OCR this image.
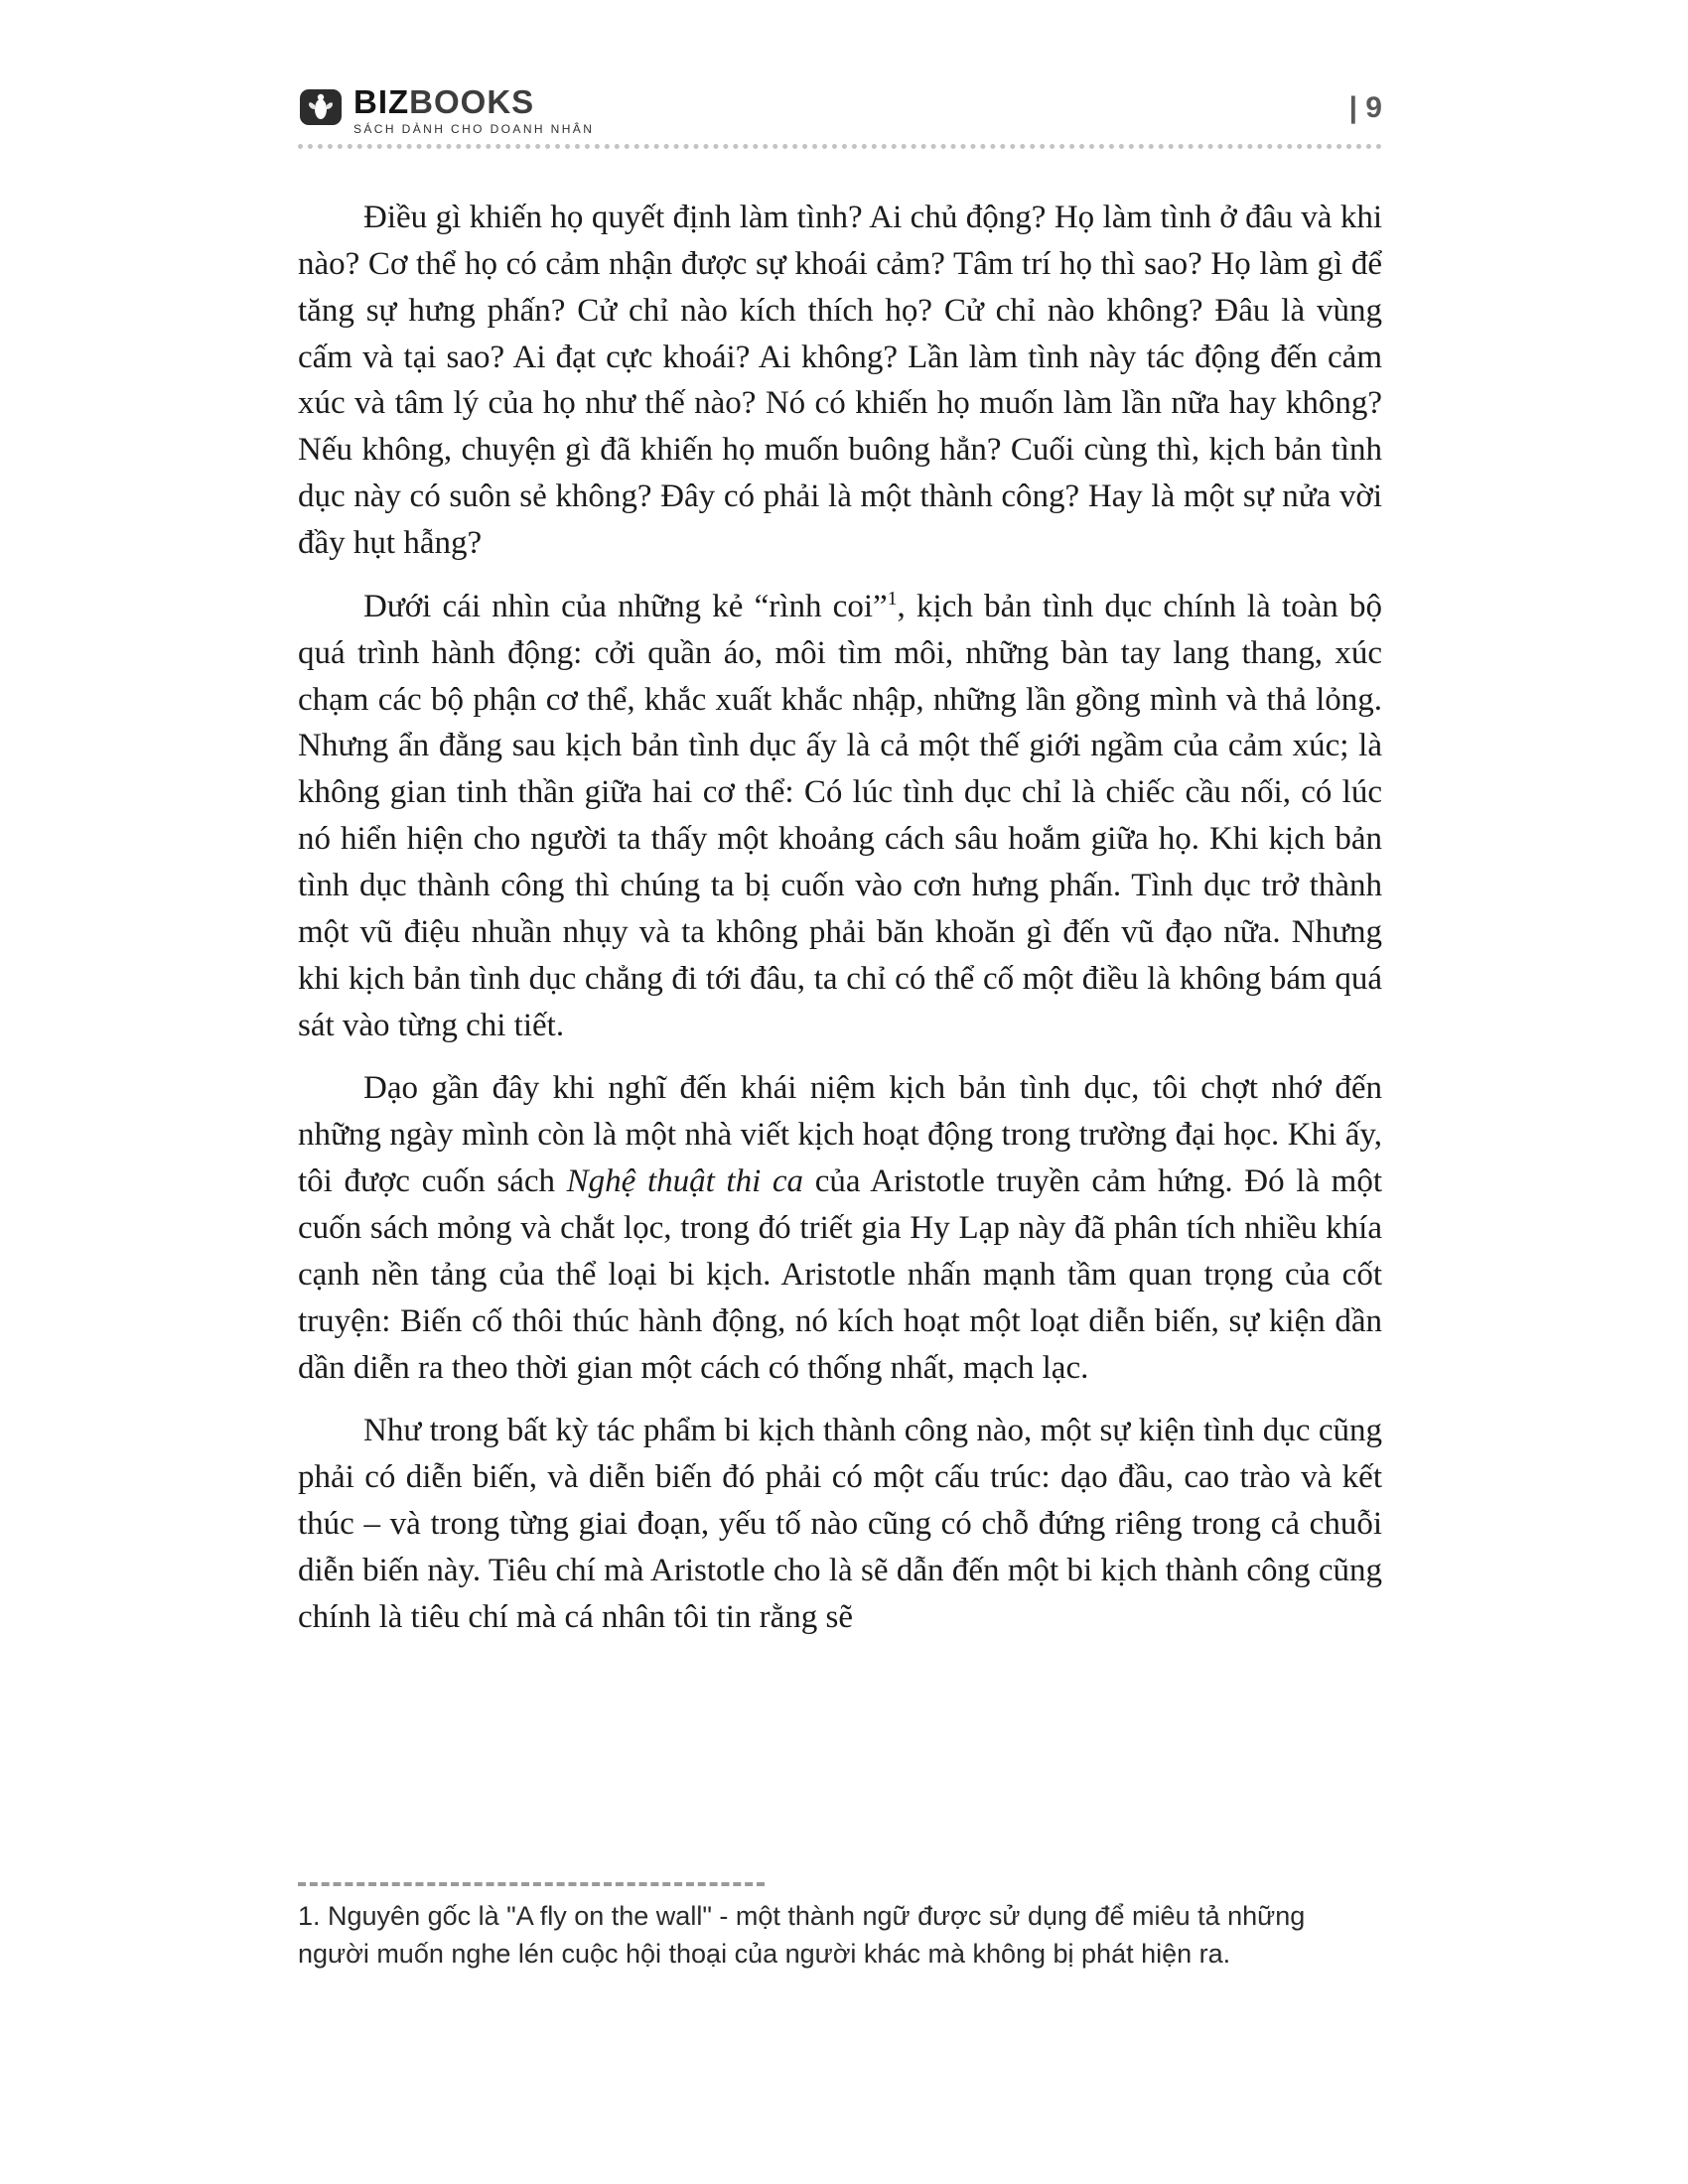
BIZBOOKS
SÁCH DÀNH CHO DOANH NHÂN
| 9

Điều gì khiến họ quyết định làm tình? Ai chủ động? Họ làm tình ở đâu và khi nào? Cơ thể họ có cảm nhận được sự khoái cảm? Tâm trí họ thì sao? Họ làm gì để tăng sự hưng phấn? Cử chỉ nào kích thích họ? Cử chỉ nào không? Đâu là vùng cấm và tại sao? Ai đạt cực khoái? Ai không? Lần làm tình này tác động đến cảm xúc và tâm lý của họ như thế nào? Nó có khiến họ muốn làm lần nữa hay không? Nếu không, chuyện gì đã khiến họ muốn buông hẳn? Cuối cùng thì, kịch bản tình dục này có suôn sẻ không? Đây có phải là một thành công? Hay là một sự nửa vời đầy hụt hẫng?

Dưới cái nhìn của những kẻ “rình coi”$^1$, kịch bản tình dục chính là toàn bộ quá trình hành động: cởi quần áo, môi tìm môi, những bàn tay lang thang, xúc chạm các bộ phận cơ thể, khắc xuất khắc nhập, những lần gồng mình và thả lỏng. Nhưng ẩn đằng sau kịch bản tình dục ấy là cả một thế giới ngầm của cảm xúc; là không gian tinh thần giữa hai cơ thể: Có lúc tình dục chỉ là chiếc cầu nối, có lúc nó hiển hiện cho người ta thấy một khoảng cách sâu hoắm giữa họ. Khi kịch bản tình dục thành công thì chúng ta bị cuốn vào cơn hưng phấn. Tình dục trở thành một vũ điệu nhuần nhụy và ta không phải băn khoăn gì đến vũ đạo nữa. Nhưng khi kịch bản tình dục chẳng đi tới đâu, ta chỉ có thể cố một điều là không bám quá sát vào từng chi tiết.

Dạo gần đây khi nghĩ đến khái niệm kịch bản tình dục, tôi chợt nhớ đến những ngày mình còn là một nhà viết kịch hoạt động trong trường đại học. Khi ấy, tôi được cuốn sách Nghệ thuật thi ca của Aristotle truyền cảm hứng. Đó là một cuốn sách mỏng và chắt lọc, trong đó triết gia Hy Lạp này đã phân tích nhiều khía cạnh nền tảng của thể loại bi kịch. Aristotle nhấn mạnh tầm quan trọng của cốt truyện: Biến cố thôi thúc hành động, nó kích hoạt một loạt diễn biến, sự kiện dần dần diễn ra theo thời gian một cách có thống nhất, mạch lạc.

Như trong bất kỳ tác phẩm bi kịch thành công nào, một sự kiện tình dục cũng phải có diễn biến, và diễn biến đó phải có một cấu trúc: dạo đầu, cao trào và kết thúc – và trong từng giai đoạn, yếu tố nào cũng có chỗ đứng riêng trong cả chuỗi diễn biến này. Tiêu chí mà Aristotle cho là sẽ dẫn đến một bi kịch thành công cũng chính là tiêu chí mà cá nhân tôi tin rằng sẽ

1. Nguyên gốc là "A fly on the wall" - một thành ngữ được sử dụng để miêu tả những người muốn nghe lén cuộc hội thoại của người khác mà không bị phát hiện ra.
